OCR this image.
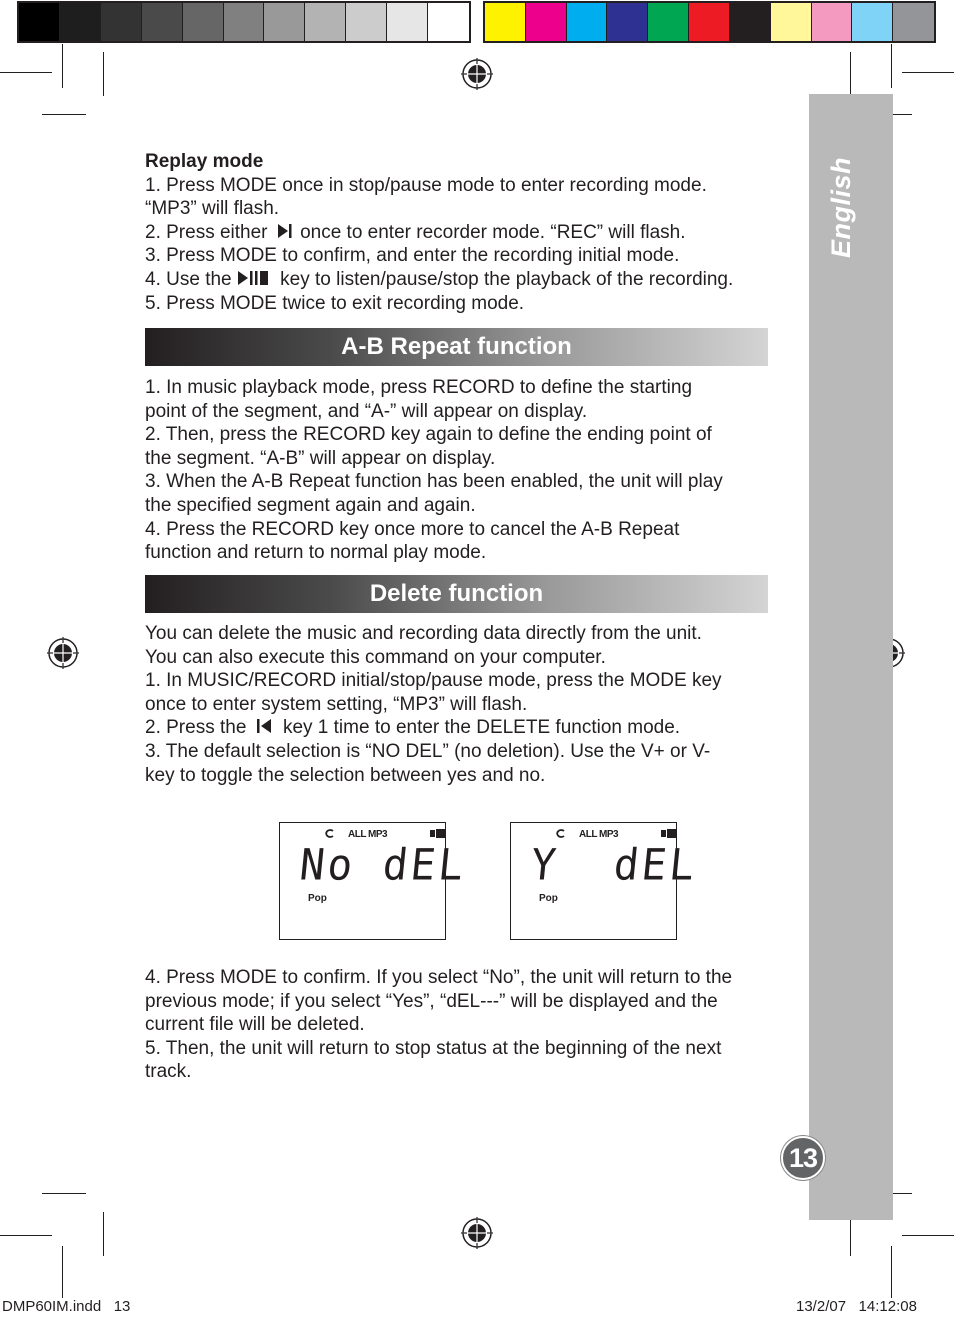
English
13

Replay mode

1. Press MODE once in stop/pause mode to enter recording mode.

“MP3” will flash.

2. Press either once to enter recorder mode. “REC” will flash.

3. Press MODE to confirm, and enter the recording initial mode.

4. Use the	key to listen/pause/stop the playback of the recording.

5. Press MODE twice to exit recording mode.

A-B Repeat function

1. In music playback mode, press RECORD to define the starting

point of the segment, and “A-” will appear on display.

2. Then, press the RECORD key again to define the ending point of

the segment. “A-B” will appear on display.

3. When the A-B Repeat function has been enabled, the unit will play

the specified segment again and again.

4. Press the RECORD key once more to cancel the A-B Repeat

function and return to normal play mode.

Delete function

You can delete the music and recording data directly from the unit.

You can also execute this command on your computer.

1. In MUSIC/RECORD initial/stop/pause mode, press the MODE key

once to enter system setting, “MP3” will flash.

2. Press the key 1 time to enter the DELETE function mode.

3. The default selection is “NO DEL” (no deletion). Use the V+ or V-

key to toggle the selection between yes and no.

ALL MP3
No dEL
Pop
ALL MP3
Y  dEL
Pop

4. Press MODE to confirm. If you select “No”, the unit will return to the

previous mode; if you select “Yes”, “dEL---” will be displayed and the

current file will be deleted.

5. Then, the unit will return to stop status at the beginning of the next

track.

DMP60IM.indd   13	13/2/07   14:12:08
